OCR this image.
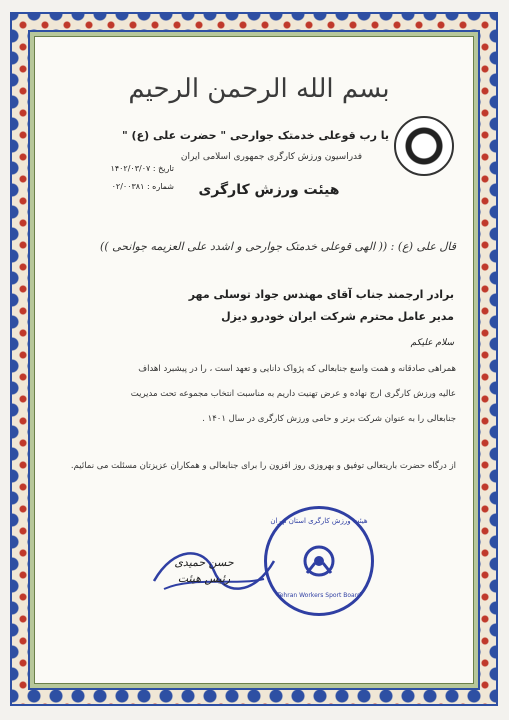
بسم الله الرحمن الرحيم
یا رب قوعلی خدمتک جوارحی " حضرت علی (ع) "
فدراسیون ورزش کارگری جمهوری اسلامی ایران
تاریخ : ۱۴۰۲/۰۳/۰۷
شماره : ۰۲/۰۰۳۸۱	هیئت ورزش کارگری
قال علی (ع) : (( الهی قوعلی خدمتک جوارحی و اشدد علی العزیمه جوانحی ))
برادر ارجمند جناب آقای مهندس جواد توسلی مهر
مدیر عامل محترم شرکت ایران خودرو دیزل
سلام علیکم
همراهی صادقانه و همت واسع جنابعالی که پژواک دانایی و تعهد است ، را در پیشبرد اهداف
عالیه ورزش کارگری ارج نهاده و عرض تهنیت داریم به مناسبت انتخاب مجموعه تحت مدیریت
جنابعالی را به عنوان شرکت برتر و حامی ورزش کارگری در سال ۱۴۰۱ .
از درگاه حضرت باریتعالی توفیق و بهروزی روز افزون را برای جنابعالی و همکاران عزیزتان مسئلت می نمائیم.
هیئت ورزش کارگری استان تهران
Tehran Workers Sport Board
حسن حمیدی
رئیس هیئت
